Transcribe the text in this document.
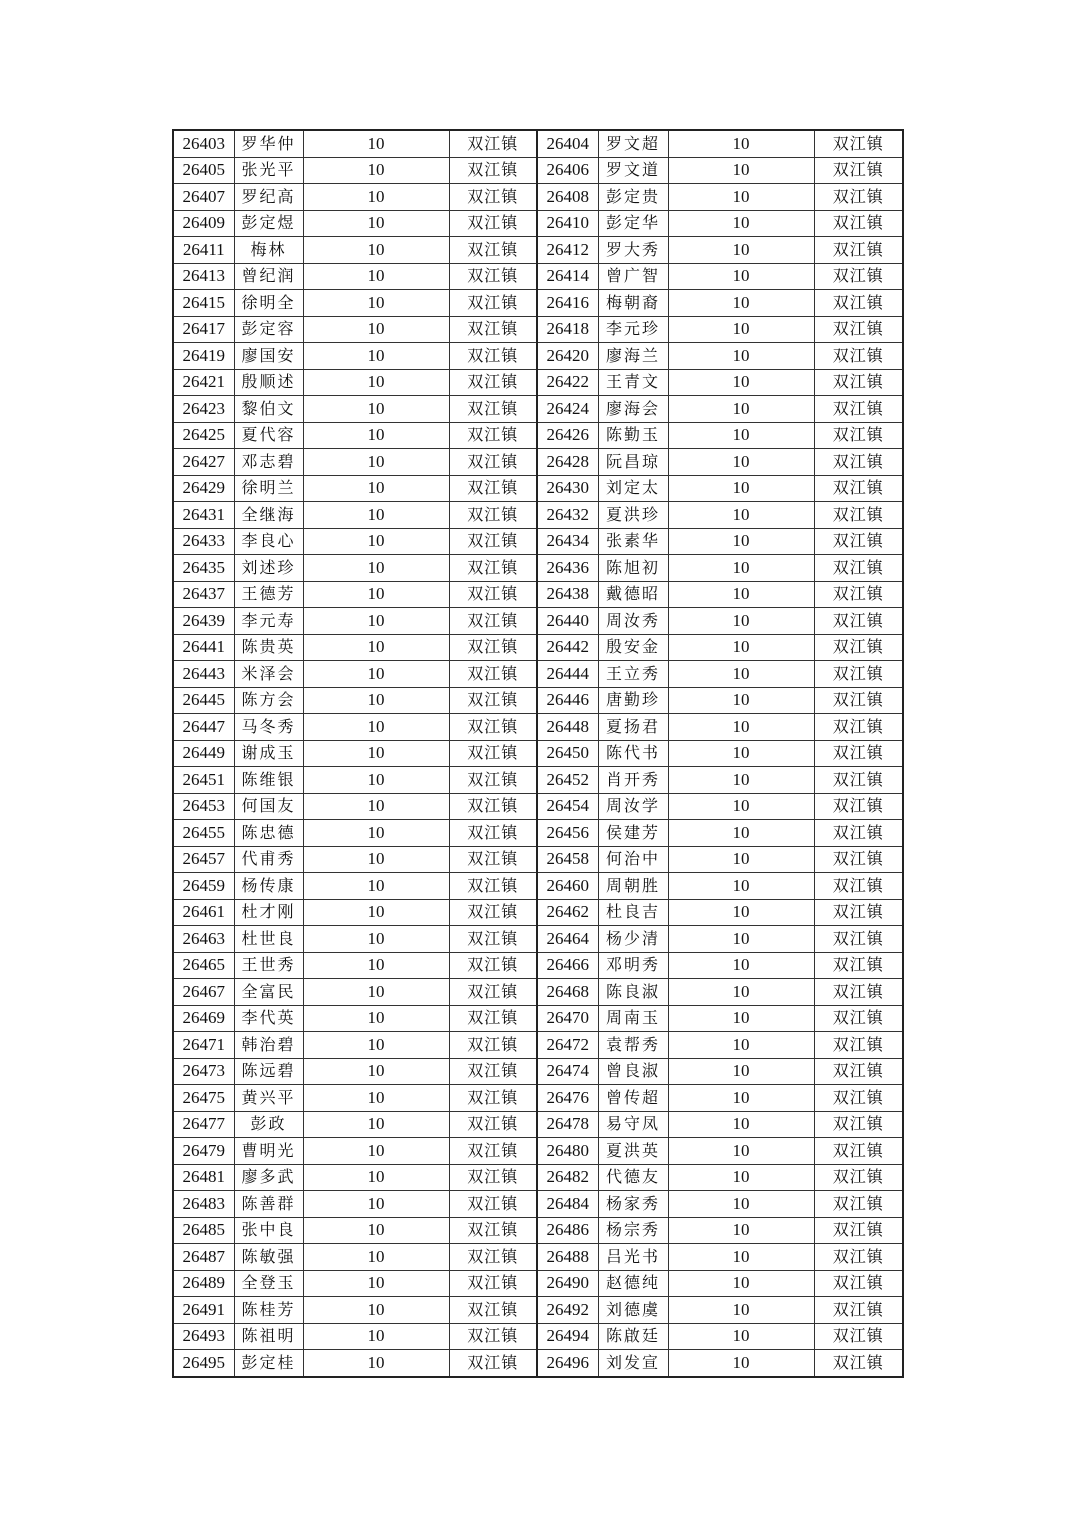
26403	罗华仲	10	双江镇	26404	罗文超	10	双江镇
26405	张光平	10	双江镇	26406	罗文道	10	双江镇
26407	罗纪高	10	双江镇	26408	彭定贵	10	双江镇
26409	彭定煜	10	双江镇	26410	彭定华	10	双江镇
26411	梅林	10	双江镇	26412	罗大秀	10	双江镇
26413	曾纪润	10	双江镇	26414	曾广智	10	双江镇
26415	徐明全	10	双江镇	26416	梅朝裔	10	双江镇
26417	彭定容	10	双江镇	26418	李元珍	10	双江镇
26419	廖国安	10	双江镇	26420	廖海兰	10	双江镇
26421	殷顺述	10	双江镇	26422	王青文	10	双江镇
26423	黎伯文	10	双江镇	26424	廖海会	10	双江镇
26425	夏代容	10	双江镇	26426	陈勤玉	10	双江镇
26427	邓志碧	10	双江镇	26428	阮昌琼	10	双江镇
26429	徐明兰	10	双江镇	26430	刘定太	10	双江镇
26431	全继海	10	双江镇	26432	夏洪珍	10	双江镇
26433	李良心	10	双江镇	26434	张素华	10	双江镇
26435	刘述珍	10	双江镇	26436	陈旭初	10	双江镇
26437	王德芳	10	双江镇	26438	戴德昭	10	双江镇
26439	李元寿	10	双江镇	26440	周汝秀	10	双江镇
26441	陈贵英	10	双江镇	26442	殷安金	10	双江镇
26443	米泽会	10	双江镇	26444	王立秀	10	双江镇
26445	陈方会	10	双江镇	26446	唐勤珍	10	双江镇
26447	马冬秀	10	双江镇	26448	夏扬君	10	双江镇
26449	谢成玉	10	双江镇	26450	陈代书	10	双江镇
26451	陈维银	10	双江镇	26452	肖开秀	10	双江镇
26453	何国友	10	双江镇	26454	周汝学	10	双江镇
26455	陈忠德	10	双江镇	26456	侯建芳	10	双江镇
26457	代甫秀	10	双江镇	26458	何治中	10	双江镇
26459	杨传康	10	双江镇	26460	周朝胜	10	双江镇
26461	杜才刚	10	双江镇	26462	杜良吉	10	双江镇
26463	杜世良	10	双江镇	26464	杨少清	10	双江镇
26465	王世秀	10	双江镇	26466	邓明秀	10	双江镇
26467	全富民	10	双江镇	26468	陈良淑	10	双江镇
26469	李代英	10	双江镇	26470	周南玉	10	双江镇
26471	韩治碧	10	双江镇	26472	袁帮秀	10	双江镇
26473	陈远碧	10	双江镇	26474	曾良淑	10	双江镇
26475	黄兴平	10	双江镇	26476	曾传超	10	双江镇
26477	彭政	10	双江镇	26478	易守凤	10	双江镇
26479	曹明光	10	双江镇	26480	夏洪英	10	双江镇
26481	廖多武	10	双江镇	26482	代德友	10	双江镇
26483	陈善群	10	双江镇	26484	杨家秀	10	双江镇
26485	张中良	10	双江镇	26486	杨宗秀	10	双江镇
26487	陈敏强	10	双江镇	26488	吕光书	10	双江镇
26489	全登玉	10	双江镇	26490	赵德纯	10	双江镇
26491	陈桂芳	10	双江镇	26492	刘德虞	10	双江镇
26493	陈祖明	10	双江镇	26494	陈啟廷	10	双江镇
26495	彭定桂	10	双江镇	26496	刘发宣	10	双江镇
